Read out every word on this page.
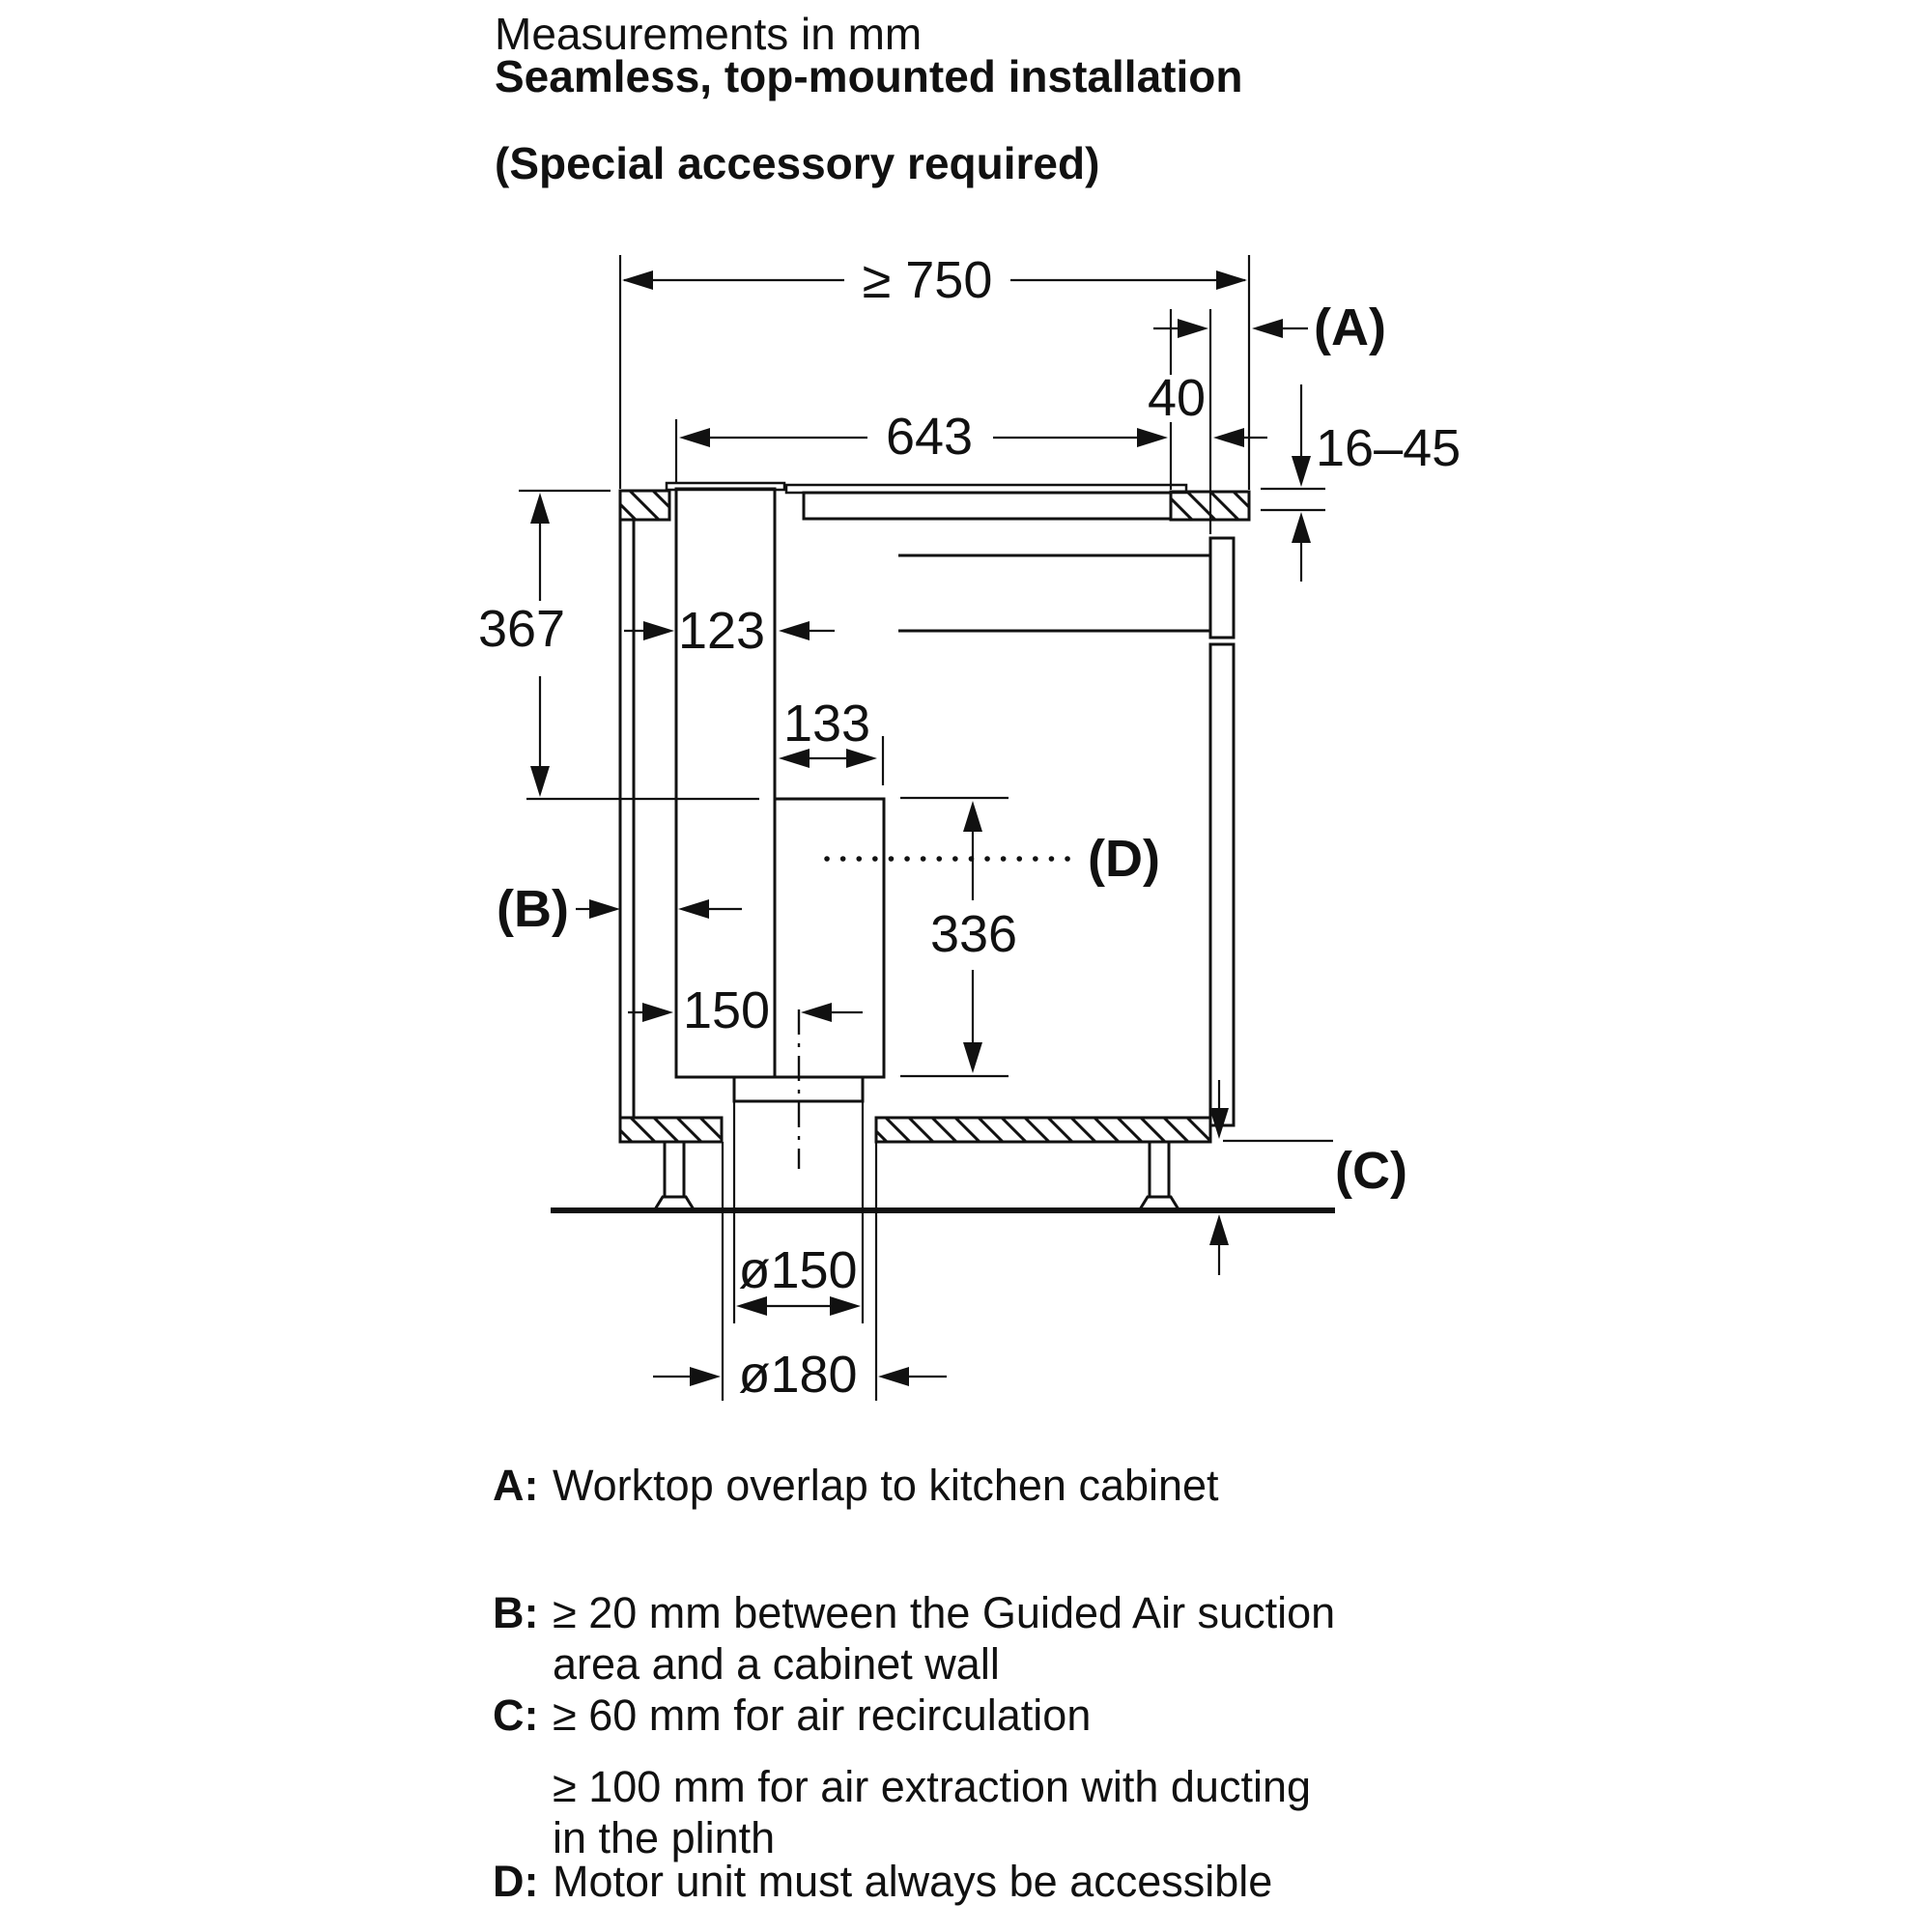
Measurements in mm
Seamless, top-mounted installation
(Special accessory required)
≥ 750
(A)
643
40
16–45
367 123
133
(D)
336
(B)
150
(C)
ø150
ø180
A: Worktop overlap to kitchen cabinet
B: ≥ 20 mm between the Guided Air suction
area and a cabinet wall
C: ≥ 60 mm for air recirculation
≥ 100 mm for air extraction with ducting
in the plinth
D: Motor unit must always be accessible
